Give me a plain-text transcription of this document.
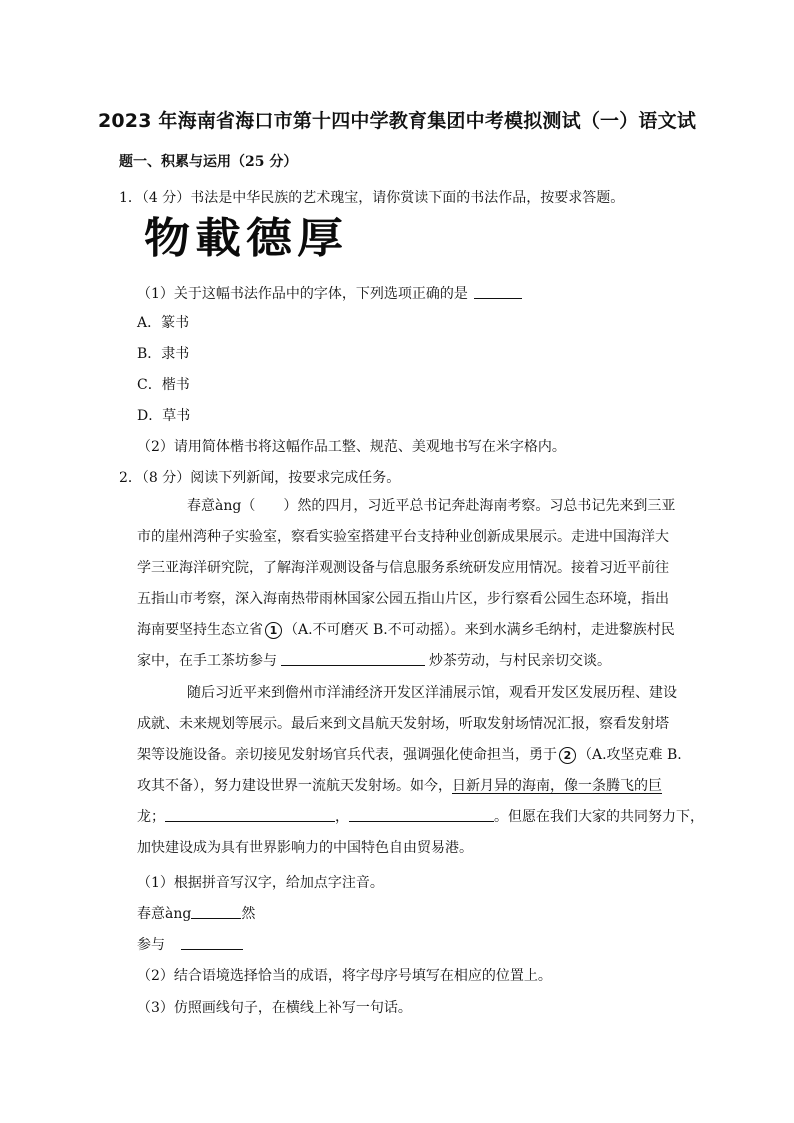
2023 年海南省海口市第十四中学教育集团中考模拟测试（一）语文试
题一、积累与运用（25 分）
1．（4 分）书法是中华民族的艺术瑰宝，请你赏读下面的书法作品，按要求答题。
物載德厚
（1）关于这幅书法作品中的字体，下列选项正确的是
A．篆书
B．隶书
C．楷书
D．草书
（2）请用简体楷书将这幅作品工整、规范、美观地书写在米字格内。
2．（8 分）阅读下列新闻，按要求完成任务。
春意àng（　　）然的四月，习近平总书记奔赴海南考察。习总书记先来到三亚
市的崖州湾种子实验室，察看实验室搭建平台支持种业创新成果展示。走进中国海洋大
学三亚海洋研究院，了解海洋观测设备与信息服务系统研发应用情况。接着习近平前往
五指山市考察，深入海南热带雨林国家公园五指山片区，步行察看公园生态环境，指出
海南要坚持生态立省 1 （A.不可磨灭 B.不可动摇）。来到水满乡毛纳村，走进黎族村民
家中，在手工茶坊参与	炒茶劳动，与村民亲切交谈。
随后习近平来到儋州市洋浦经济开发区洋浦展示馆，观看开发区发展历程、建设
成就、未来规划等展示。最后来到文昌航天发射场，听取发射场情况汇报，察看发射塔
架等设施设备。亲切接见发射场官兵代表，强调强化使命担当，勇于 2 （A.攻坚克难 B.
攻其不备），努力建设世界一流航天发射场。如今，日新月异的海南，像一条腾飞的巨
龙；	，	。但愿在我们大家的共同努力下，
加快建设成为具有世界影响力的中国特色自由贸易港。
（1）根据拼音写汉字，给加点字注音。
春意àng	然
参与
（2）结合语境选择恰当的成语，将字母序号填写在相应的位置上。
（3）仿照画线句子，在横线上补写一句话。
